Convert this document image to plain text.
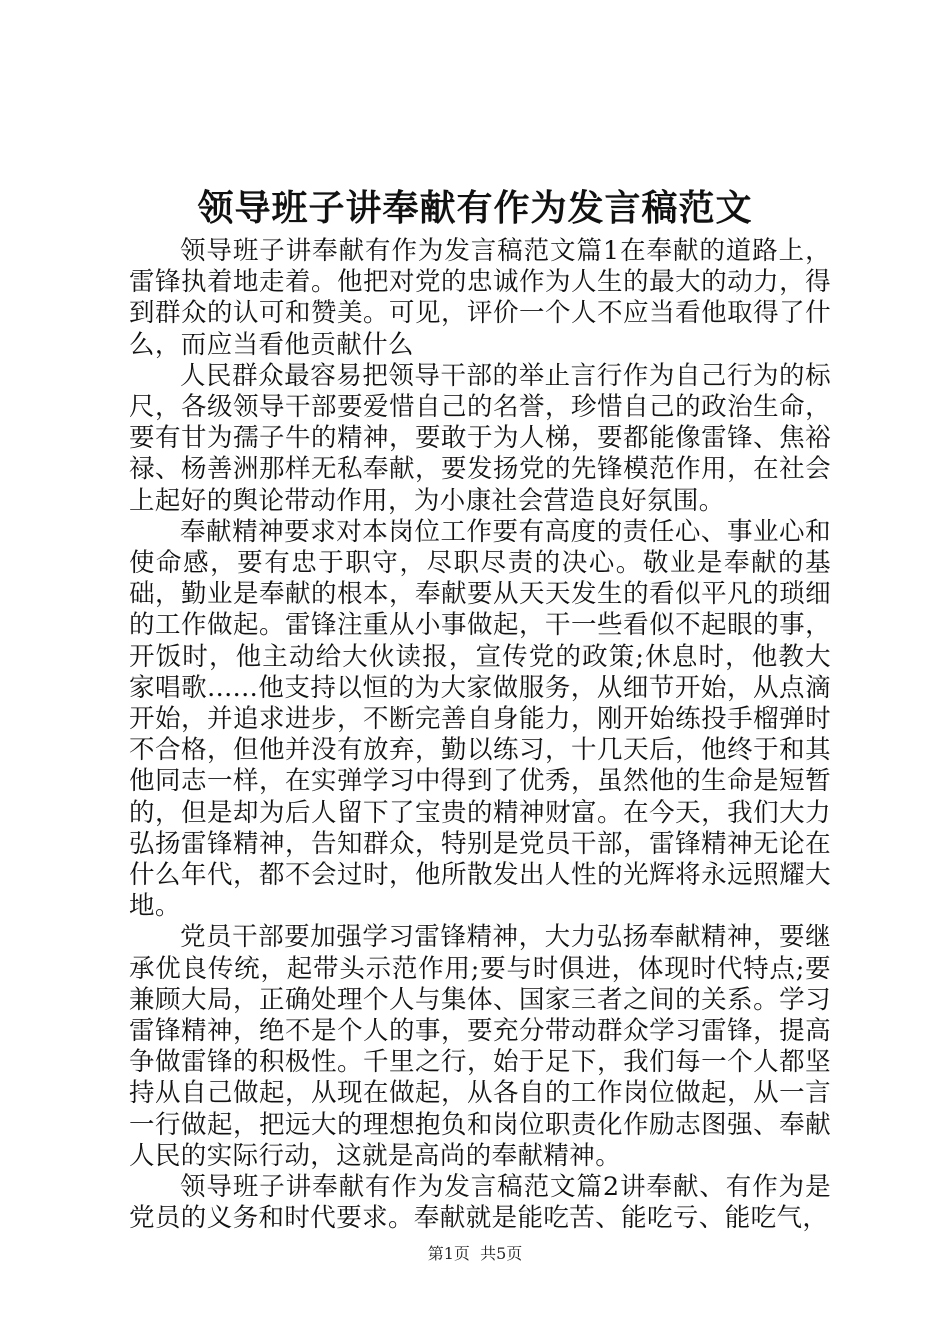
领导班子讲奉献有作为发言稿范文

领导班子讲奉献有作为发言稿范文篇1在奉献的道路上，雷锋执着地走着。他把对党的忠诚作为人生的最大的动力，得到群众的认可和赞美。可见，评价一个人不应当看他取得了什么，而应当看他贡献什么

人民群众最容易把领导干部的举止言行作为自己行为的标尺，各级领导干部要爱惜自己的名誉，珍惜自己的政治生命，要有甘为孺子牛的精神，要敢于为人梯，要都能像雷锋、焦裕禄、杨善洲那样无私奉献，要发扬党的先锋模范作用，在社会上起好的舆论带动作用，为小康社会营造良好氛围。

奉献精神要求对本岗位工作要有高度的责任心、事业心和使命感，要有忠于职守，尽职尽责的决心。敬业是奉献的基础，勤业是奉献的根本，奉献要从天天发生的看似平凡的琐细的工作做起。雷锋注重从小事做起，干一些看似不起眼的事，开饭时，他主动给大伙读报，宣传党的政策;休息时，他教大家唱歌......他支持以恒的为大家做服务，从细节开始，从点滴开始，并追求进步，不断完善自身能力，刚开始练投手榴弹时不合格，但他并没有放弃，勤以练习，十几天后，他终于和其他同志一样，在实弹学习中得到了优秀，虽然他的生命是短暂的，但是却为后人留下了宝贵的精神财富。在今天，我们大力弘扬雷锋精神，告知群众，特别是党员干部，雷锋精神无论在什么年代，都不会过时，他所散发出人性的光辉将永远照耀大地。

党员干部要加强学习雷锋精神，大力弘扬奉献精神，要继承优良传统，起带头示范作用;要与时俱进，体现时代特点;要兼顾大局，正确处理个人与集体、国家三者之间的关系。学习雷锋精神，绝不是个人的事，要充分带动群众学习雷锋，提高争做雷锋的积极性。千里之行，始于足下，我们每一个人都坚持从自己做起，从现在做起，从各自的工作岗位做起，从一言一行做起，把远大的理想抱负和岗位职责化作励志图强、奉献人民的实际行动，这就是高尚的奉献精神。

领导班子讲奉献有作为发言稿范文篇2讲奉献、有作为是党员的义务和时代要求。奉献就是能吃苦、能吃亏、能吃气，

第1页  共5页
